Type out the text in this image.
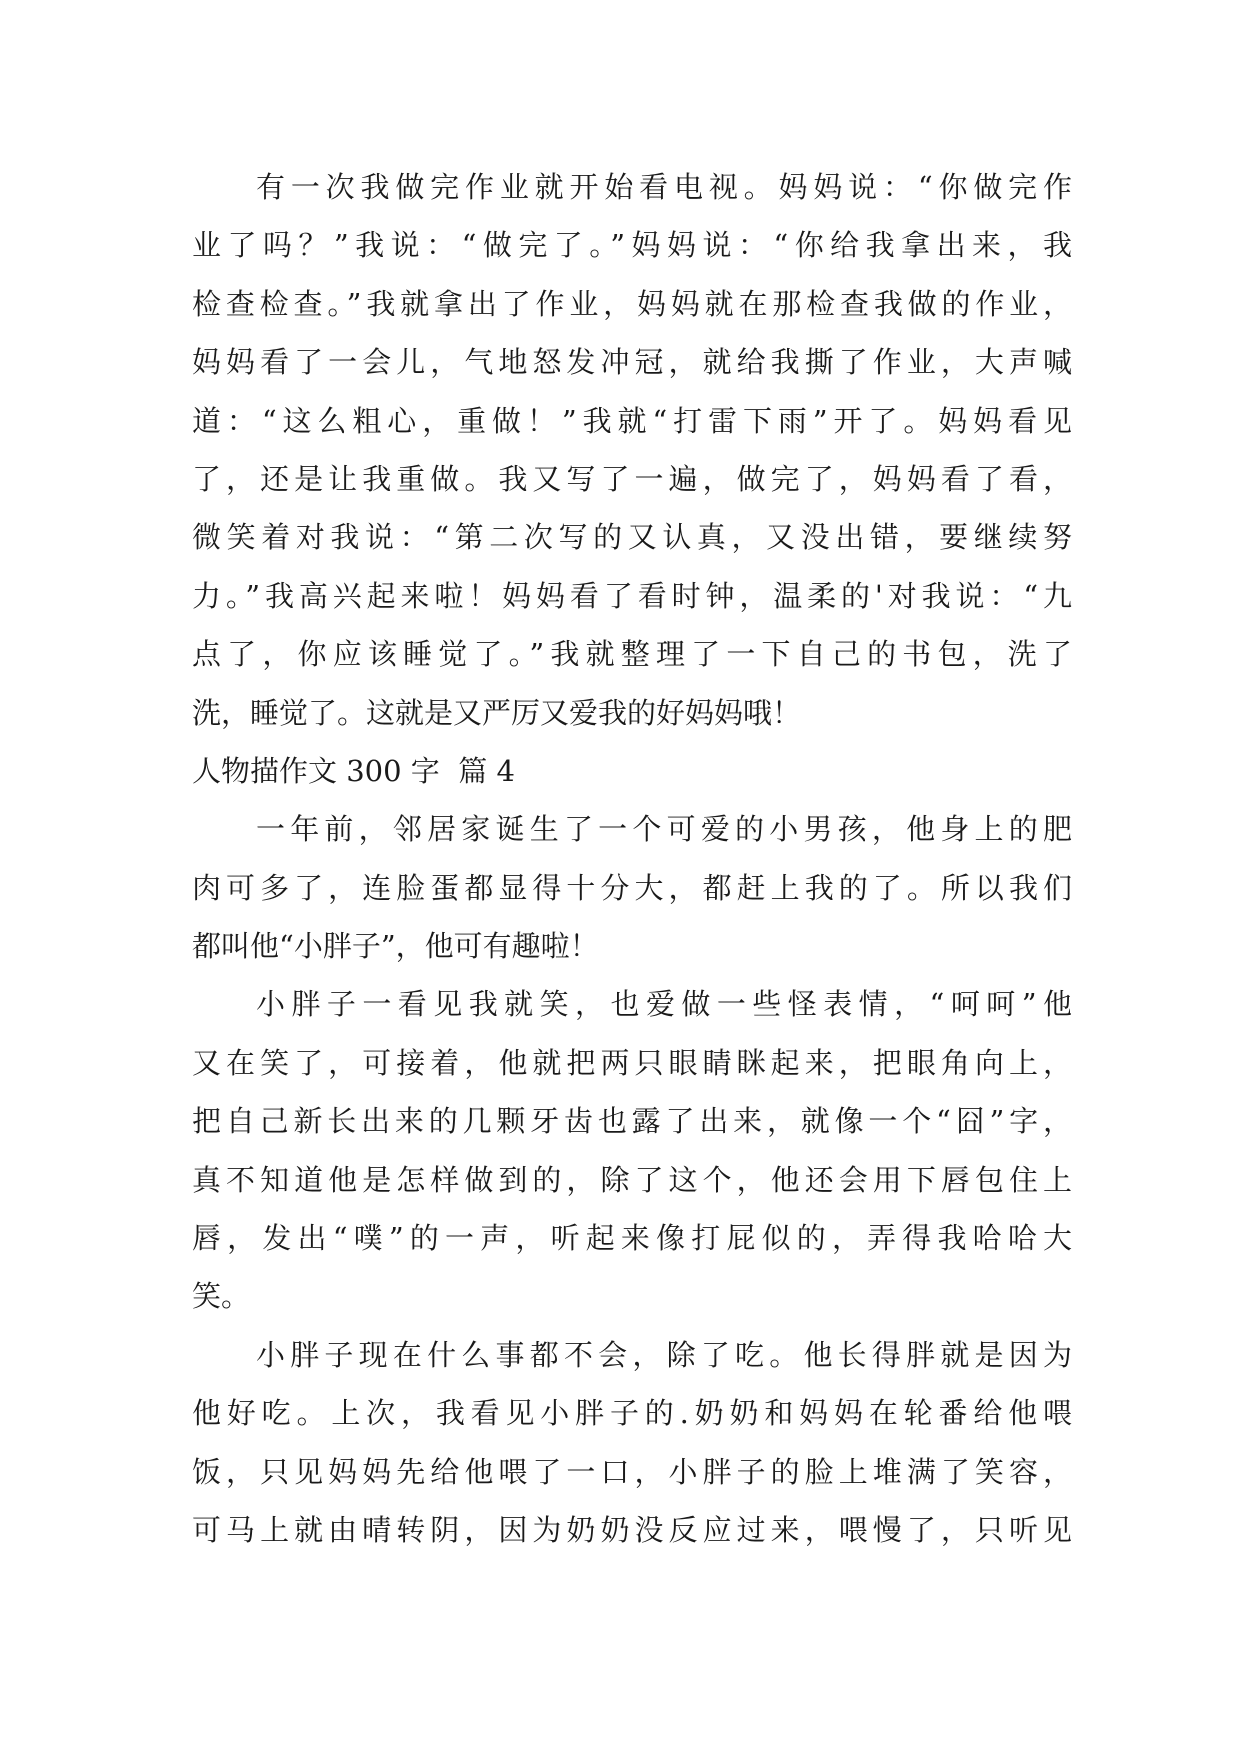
有一次我做完作业就开始看电视。妈妈说：“你做完作
业了吗？”我说：“做完了。”妈妈说：“你给我拿出来，我
检查检查。”我就拿出了作业，妈妈就在那检查我做的作业，
妈妈看了一会儿，气地怒发冲冠，就给我撕了作业，大声喊
道：“这么粗心，重做！”我就“打雷下雨”开了。妈妈看见
了，还是让我重做。我又写了一遍，做完了，妈妈看了看，
微笑着对我说：“第二次写的又认真，又没出错，要继续努
力。”我高兴起来啦！妈妈看了看时钟，温柔的'对我说：“九
点了，你应该睡觉了。”我就整理了一下自己的书包，洗了
洗，睡觉了。这就是又严厉又爱我的好妈妈哦！
人物描作文 300 字  篇 4
一年前，邻居家诞生了一个可爱的小男孩，他身上的肥
肉可多了，连脸蛋都显得十分大，都赶上我的了。所以我们
都叫他“小胖子”，他可有趣啦！
小胖子一看见我就笑，也爱做一些怪表情，“呵呵”他
又在笑了，可接着，他就把两只眼睛眯起来，把眼角向上，
把自己新长出来的几颗牙齿也露了出来，就像一个“囧”字，
真不知道他是怎样做到的，除了这个，他还会用下唇包住上
唇，发出“噗”的一声，听起来像打屁似的，弄得我哈哈大
笑。
小胖子现在什么事都不会，除了吃。他长得胖就是因为
他好吃。上次，我看见小胖子的.奶奶和妈妈在轮番给他喂
饭，只见妈妈先给他喂了一口，小胖子的脸上堆满了笑容，
可马上就由晴转阴，因为奶奶没反应过来，喂慢了，只听见
